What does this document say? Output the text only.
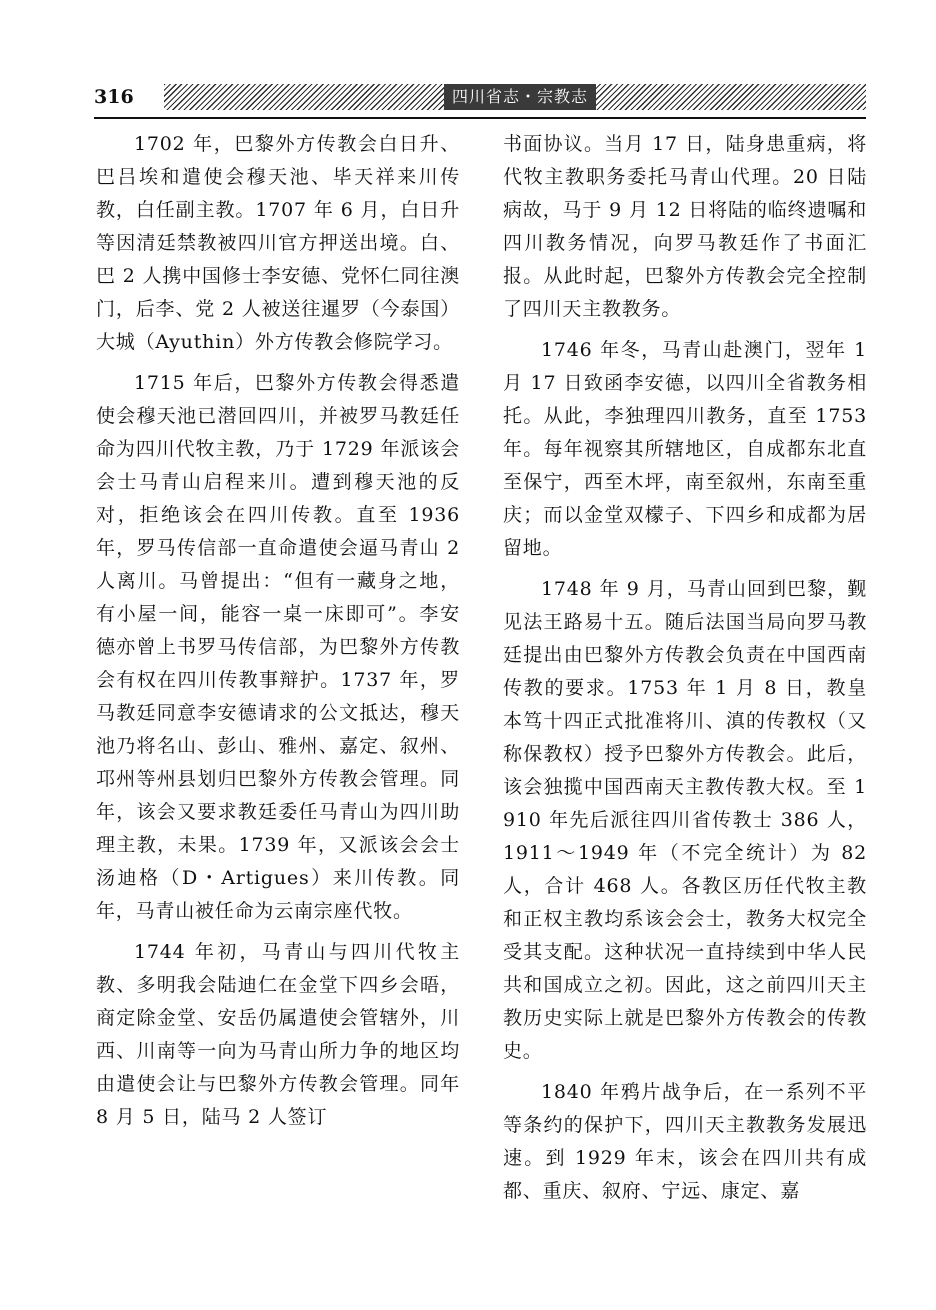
316	四川省志・宗教志

1702 年，巴黎外方传教会白日升、巴吕埃和遣使会穆天池、毕天祥来川传教，白任副主教。1707 年 6 月，白日升等因清廷禁教被四川官方押送出境。白、巴 2 人携中国修士李安德、党怀仁同往澳门，后李、党 2 人被送往暹罗（今泰国）大城（Ayuthin）外方传教会修院学习。

1715 年后，巴黎外方传教会得悉遣使会穆天池已潜回四川，并被罗马教廷任命为四川代牧主教，乃于 1729 年派该会会士马青山启程来川。遭到穆天池的反对，拒绝该会在四川传教。直至 1936 年，罗马传信部一直命遣使会逼马青山 2 人离川。马曾提出：“但有一藏身之地，有小屋一间，能容一桌一床即可”。李安德亦曾上书罗马传信部，为巴黎外方传教会有权在四川传教事辩护。1737 年，罗马教廷同意李安德请求的公文抵达，穆天池乃将名山、彭山、雅州、嘉定、叙州、邛州等州县划归巴黎外方传教会管理。同年，该会又要求教廷委任马青山为四川助理主教，未果。1739 年，又派该会会士汤迪格（D・Artigues）来川传教。同年，马青山被任命为云南宗座代牧。

1744 年初，马青山与四川代牧主教、多明我会陆迪仁在金堂下四乡会晤，商定除金堂、安岳仍属遣使会管辖外，川西、川南等一向为马青山所力争的地区均由遣使会让与巴黎外方传教会管理。同年 8 月 5 日，陆马 2 人签订

书面协议。当月 17 日，陆身患重病，将代牧主教职务委托马青山代理。20 日陆病故，马于 9 月 12 日将陆的临终遗嘱和四川教务情况，向罗马教廷作了书面汇报。从此时起，巴黎外方传教会完全控制了四川天主教教务。

1746 年冬，马青山赴澳门，翌年 1 月 17 日致函李安德，以四川全省教务相托。从此，李独理四川教务，直至 1753 年。每年视察其所辖地区，自成都东北直至保宁，西至木坪，南至叙州，东南至重庆；而以金堂双檬子、下四乡和成都为居留地。

1748 年 9 月，马青山回到巴黎，觐见法王路易十五。随后法国当局向罗马教廷提出由巴黎外方传教会负责在中国西南传教的要求。1753 年 1 月 8 日，教皇本笃十四正式批准将川、滇的传教权（又称保教权）授予巴黎外方传教会。此后，该会独揽中国西南天主教传教大权。至 1910 年先后派往四川省传教士 386 人，1911～1949 年（不完全统计）为 82 人，合计 468 人。各教区历任代牧主教和正权主教均系该会会士，教务大权完全受其支配。这种状况一直持续到中华人民共和国成立之初。因此，这之前四川天主教历史实际上就是巴黎外方传教会的传教史。

1840 年鸦片战争后，在一系列不平等条约的保护下，四川天主教教务发展迅速。到 1929 年末，该会在四川共有成都、重庆、叙府、宁远、康定、嘉
